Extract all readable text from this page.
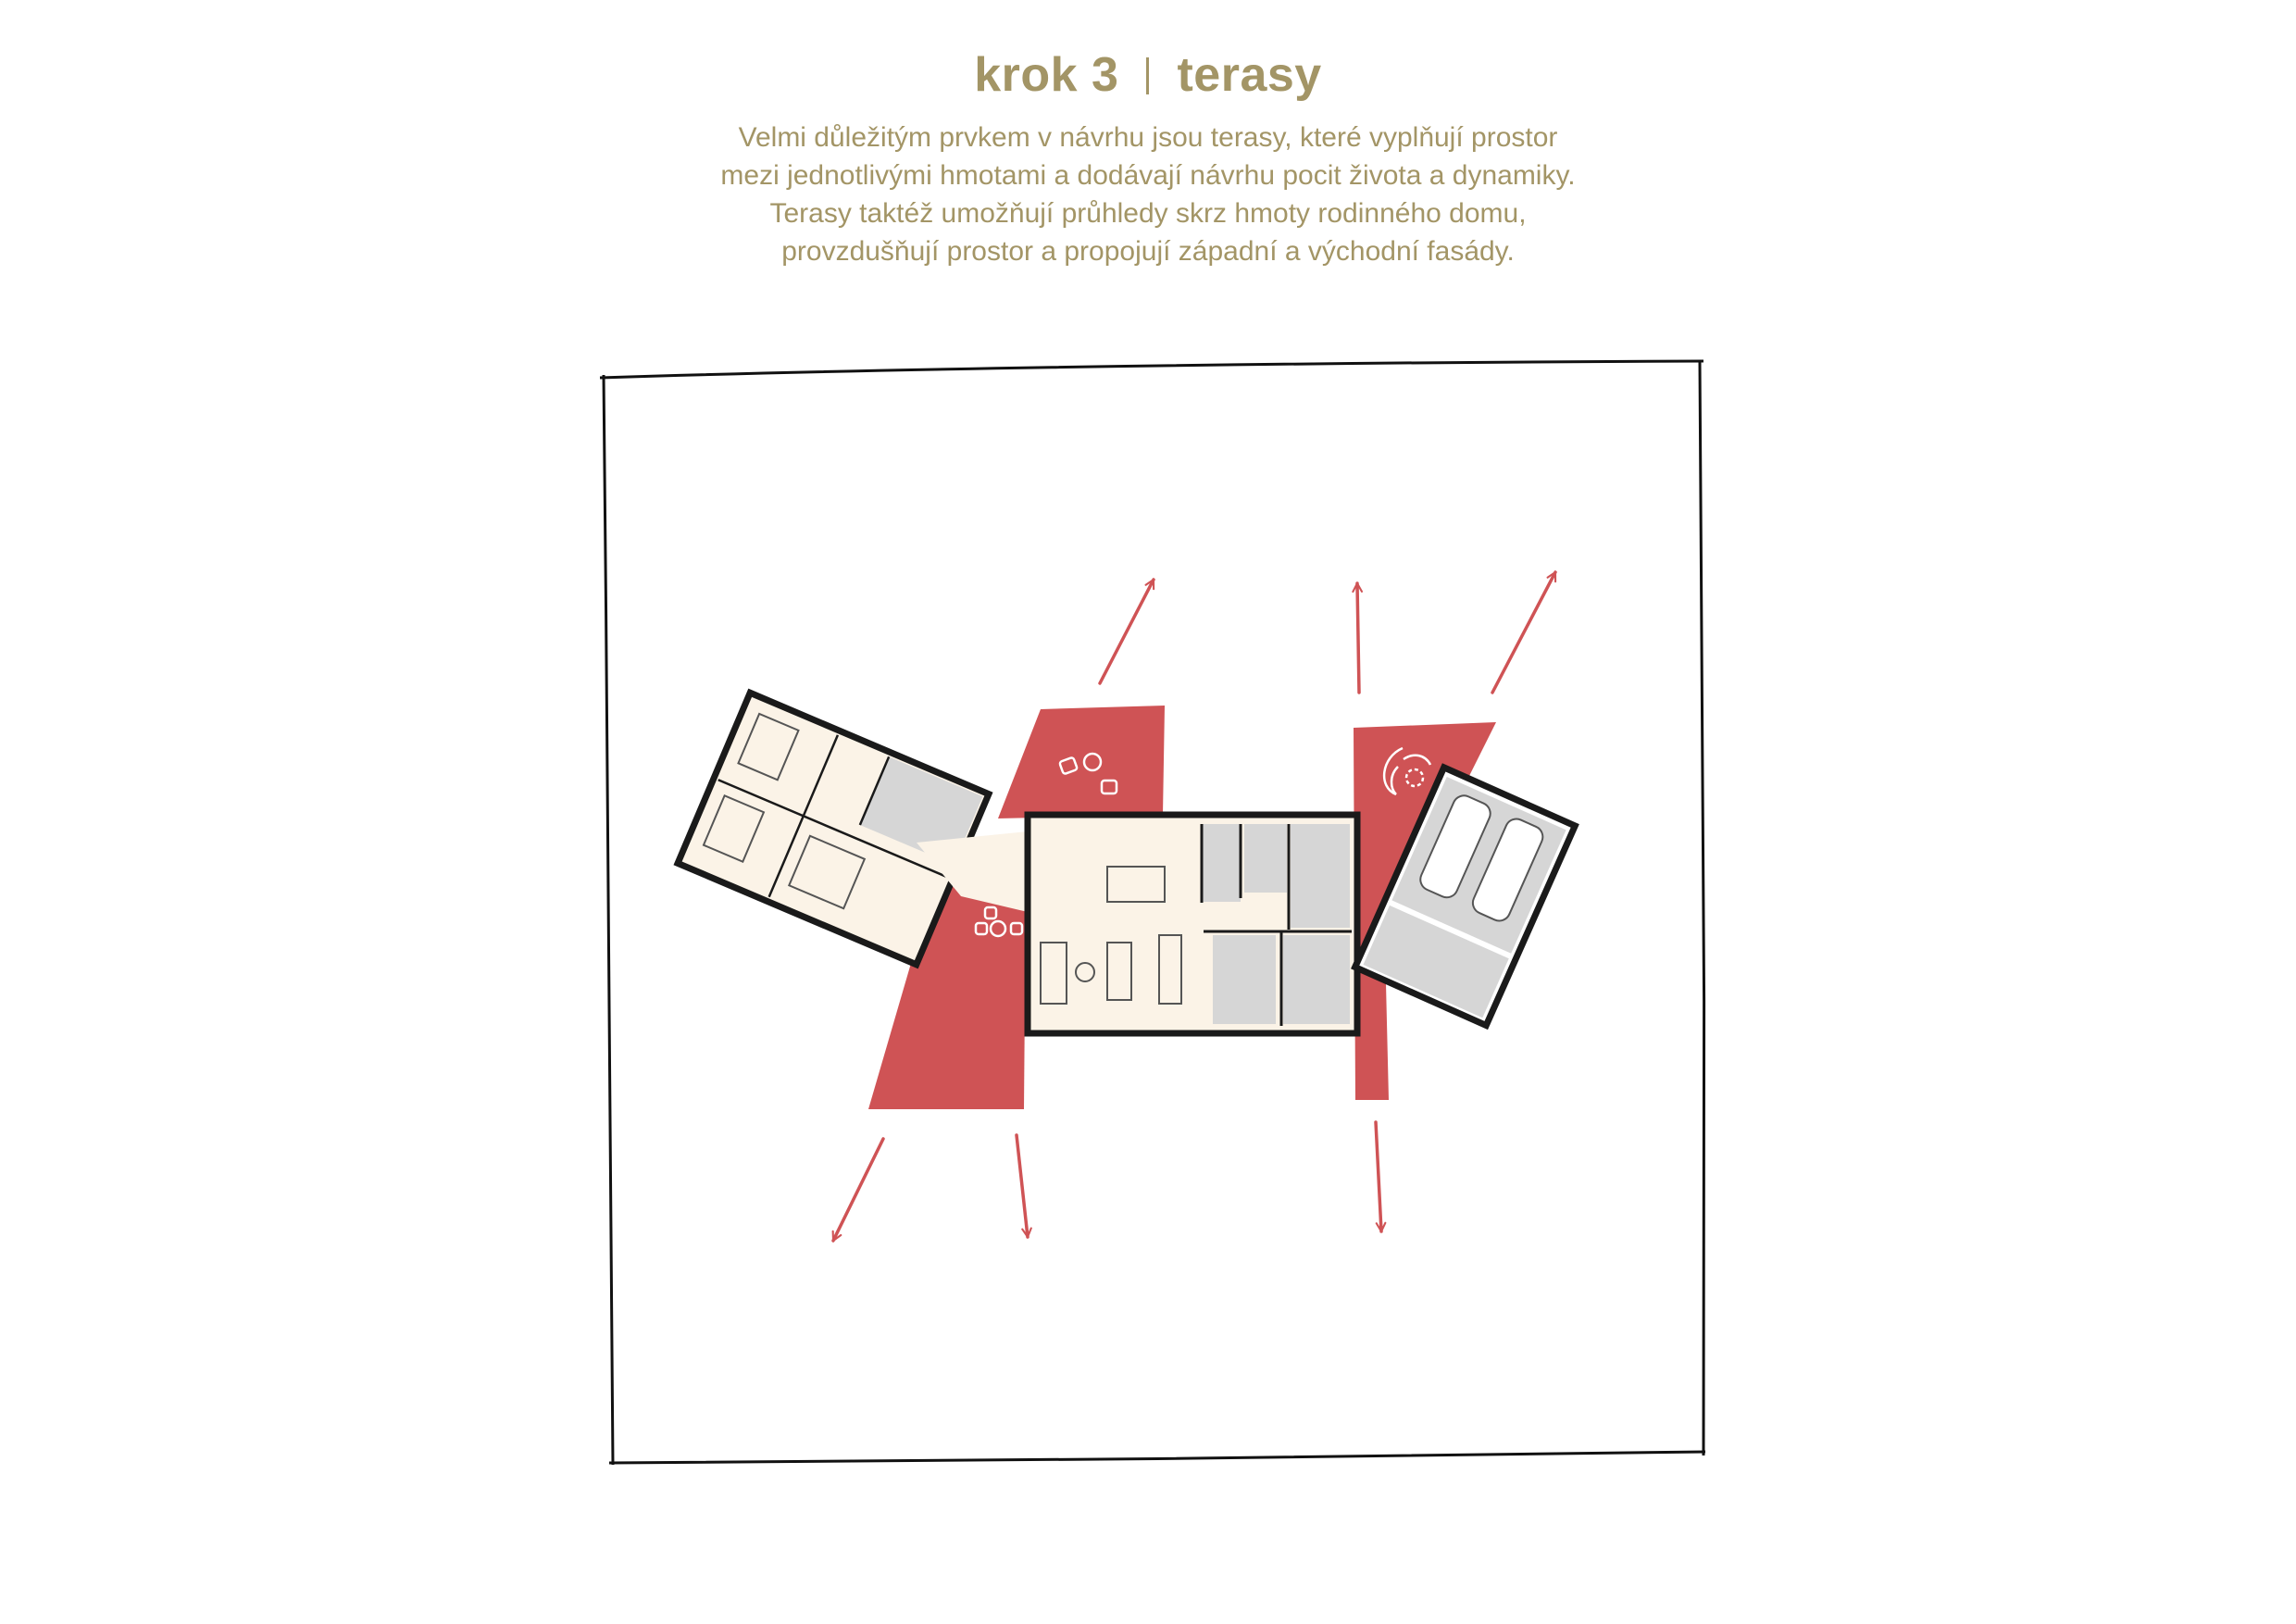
krok 3 terasy
Velmi důležitým prvkem v návrhu jsou terasy, které vyplňují prostor
mezi jednotlivými hmotami a dodávají návrhu pocit života a dynamiky.
Terasy taktéž umožňují průhledy skrz hmoty rodinného domu,
provzdušňují prostor a propojují západní a východní fasády.
